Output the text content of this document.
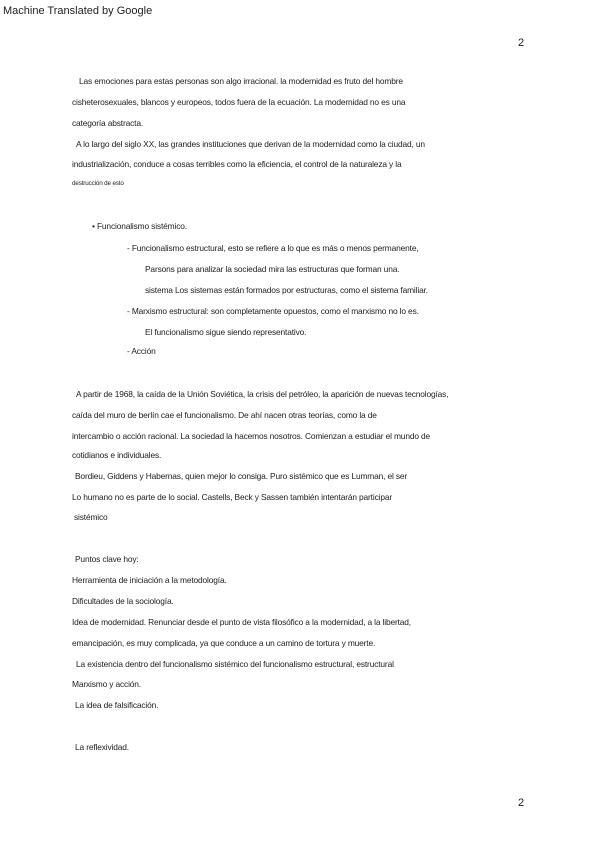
Machine Translated by Google
2
Las emociones para estas personas son algo irracional. la modernidad es fruto del hombre
cisheterosexuales, blancos y europeos, todos fuera de la ecuación. La modernidad no es una
categoría abstracta.
A lo largo del siglo XX, las grandes instituciones que derivan de la modernidad como la ciudad, un
industrialización, conduce a cosas terribles como la eficiencia, el control de la naturaleza y la
destrucción de esto
• Funcionalismo sistémico.
- Funcionalismo estructural, esto se refiere a lo que es más o menos permanente,
Parsons para analizar la sociedad mira las estructuras que forman una.
sistema Los sistemas están formados por estructuras, como el sistema familiar.
- Marxismo estructural: son completamente opuestos, como el marxismo no lo es.
El funcionalismo sigue siendo representativo.
- Acción
A partir de 1968, la caída de la Unión Soviética, la crisis del petróleo, la aparición de nuevas tecnologías,
caída del muro de berlín cae el funcionalismo. De ahí nacen otras teorías, como la de
intercambio o acción racional. La sociedad la hacemos nosotros. Comienzan a estudiar el mundo de
cotidianos e individuales.
Bordieu, Giddens y Habernas, quien mejor lo consiga. Puro sistémico que es Lumman, el ser
Lo humano no es parte de lo social. Castells, Beck y Sassen también intentarán participar
sistémico
Puntos clave hoy:
Herramienta de iniciación a la metodología.
Dificultades de la sociología.
Idea de modernidad. Renunciar desde el punto de vista filosófico a la modernidad, a la libertad,
emancipación, es muy complicada, ya que conduce a un camino de tortura y muerte.
La existencia dentro del funcionalismo sistémico del funcionalismo estructural, estructural
Marxismo y acción.
La idea de falsificación.
La reflexividad.
2
